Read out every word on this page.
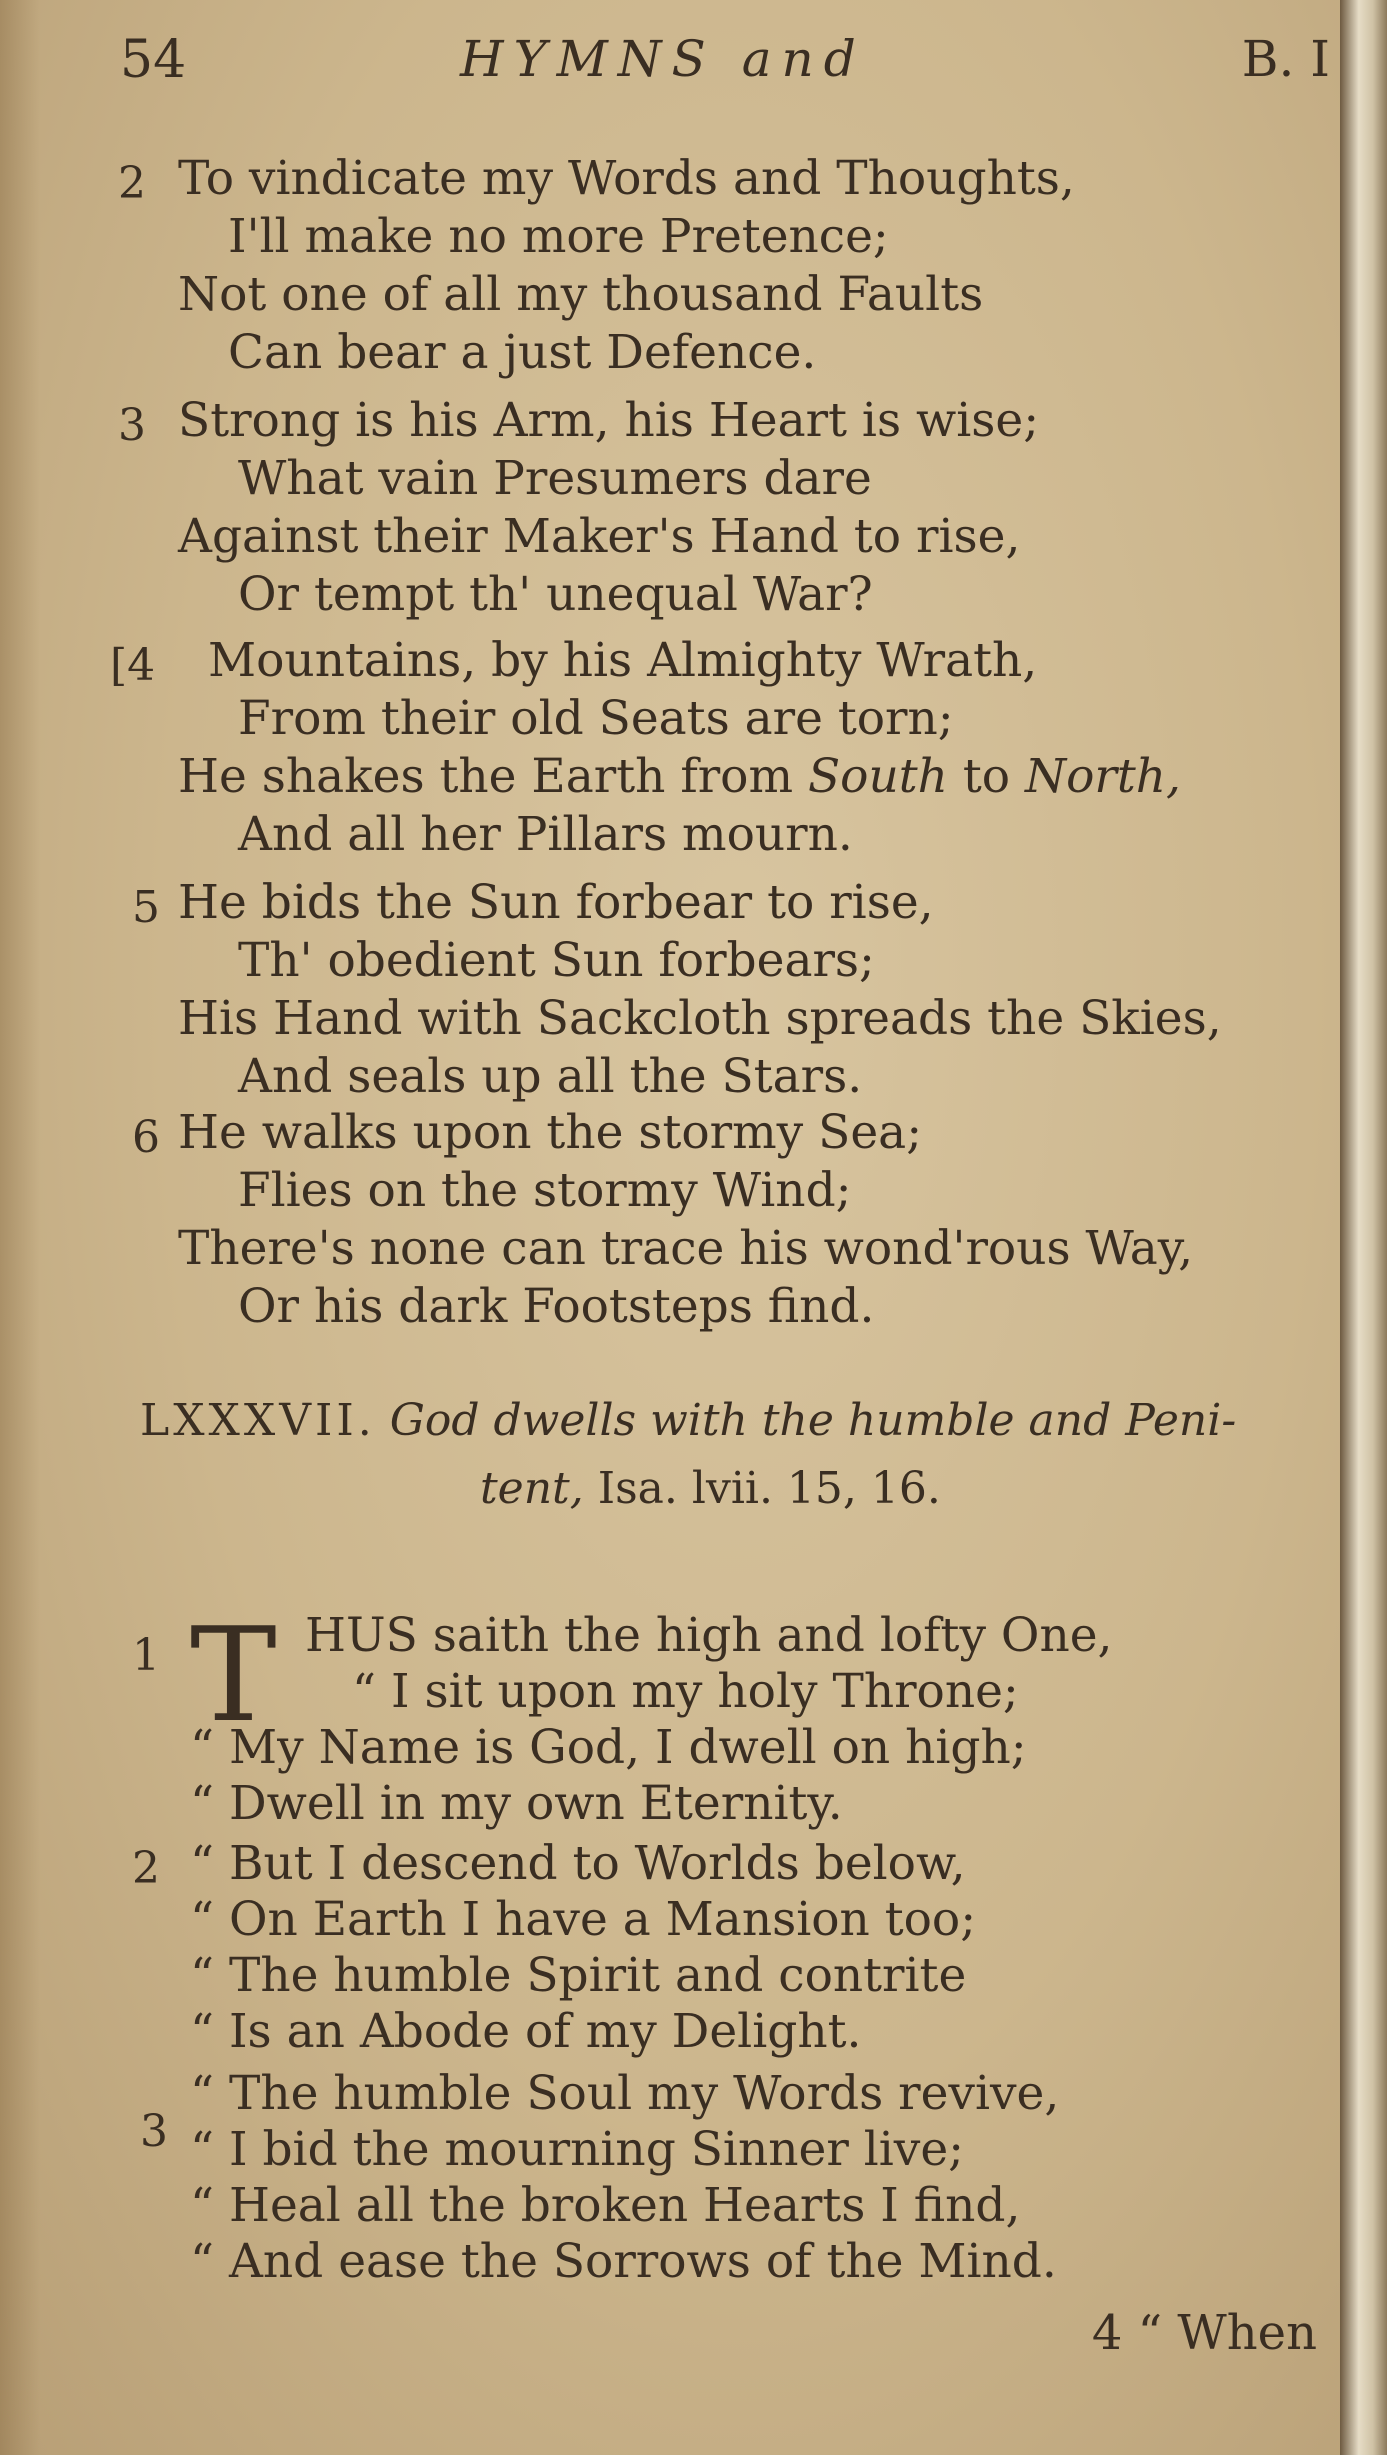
54	HYMNS and	B. I
2 To vindicate my Words and Thoughts,
I'll make no more Pretence;
Not one of all my thousand Faults
Can bear a just Defence.
3 Strong is his Arm, his Heart is wise;
What vain Presumers dare
Against their Maker's Hand to rise,
Or tempt th' unequal War?
[4 Mountains, by his Almighty Wrath,
From their old Seats are torn;
He shakes the Earth from South to North,
And all her Pillars mourn.
5 He bids the Sun forbear to rise,
Th' obedient Sun forbears;
His Hand with Sackcloth spreads the Skies,
And seals up all the Stars.
6 He walks upon the stormy Sea;
Flies on the stormy Wind;
There's none can trace his wond'rous Way,
Or his dark Footsteps find.
LXXXVII. God dwells with the humble and Peni-
tent, Isa. lvii. 15, 16.
1 T HUS saith the high and lofty One,
“ I sit upon my holy Throne;
“ My Name is God, I dwell on high;
“ Dwell in my own Eternity.
2 “ But I descend to Worlds below,
“ On Earth I have a Mansion too;
“ The humble Spirit and contrite
“ Is an Abode of my Delight.
3
“ The humble Soul my Words revive,
“ I bid the mourning Sinner live;
“ Heal all the broken Hearts I find,
“ And ease the Sorrows of the Mind.
4 “ When
